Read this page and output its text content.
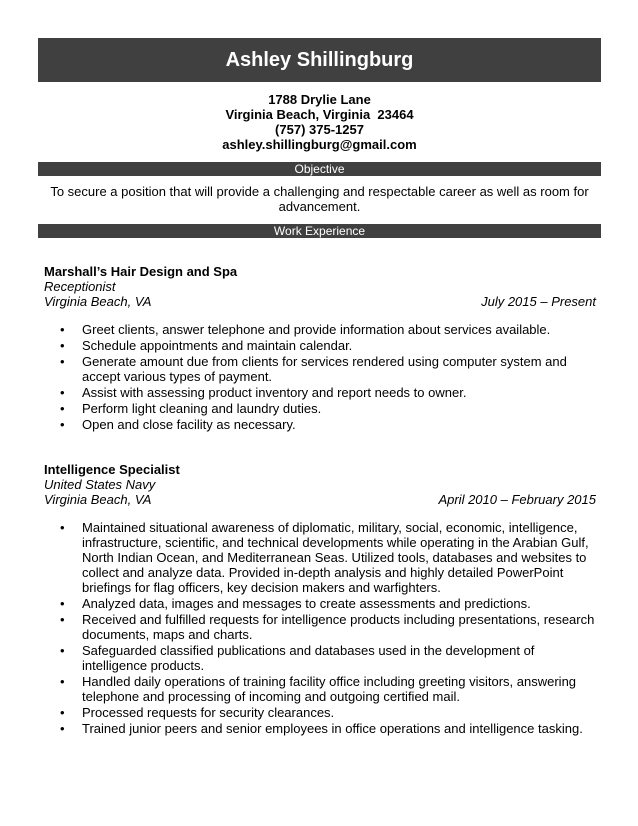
Ashley Shillingburg
1788 Drylie Lane
Virginia Beach, Virginia  23464
(757) 375-1257
ashley.shillingburg@gmail.com
Objective
To secure a position that will provide a challenging and respectable career as well as room for advancement.
Work Experience
Marshall’s Hair Design and Spa
Receptionist
Virginia Beach, VA	July 2015 – Present
• Greet clients, answer telephone and provide information about services available.
• Schedule appointments and maintain calendar.
• Generate amount due from clients for services rendered using computer system and accept various types of payment.
• Assist with assessing product inventory and report needs to owner.
• Perform light cleaning and laundry duties.
• Open and close facility as necessary.
Intelligence Specialist
United States Navy
Virginia Beach, VA	April 2010 – February 2015
• Maintained situational awareness of diplomatic, military, social, economic, intelligence, infrastructure, scientific, and technical developments while operating in the Arabian Gulf, North Indian Ocean, and Mediterranean Seas. Utilized tools, databases and websites to collect and analyze data. Provided in-depth analysis and highly detailed PowerPoint briefings for flag officers, key decision makers and warfighters.
• Analyzed data, images and messages to create assessments and predictions.
• Received and fulfilled requests for intelligence products including presentations, research documents, maps and charts.
• Safeguarded classified publications and databases used in the development of intelligence products.
• Handled daily operations of training facility office including greeting visitors, answering telephone and processing of incoming and outgoing certified mail.
• Processed requests for security clearances.
• Trained junior peers and senior employees in office operations and intelligence tasking.
